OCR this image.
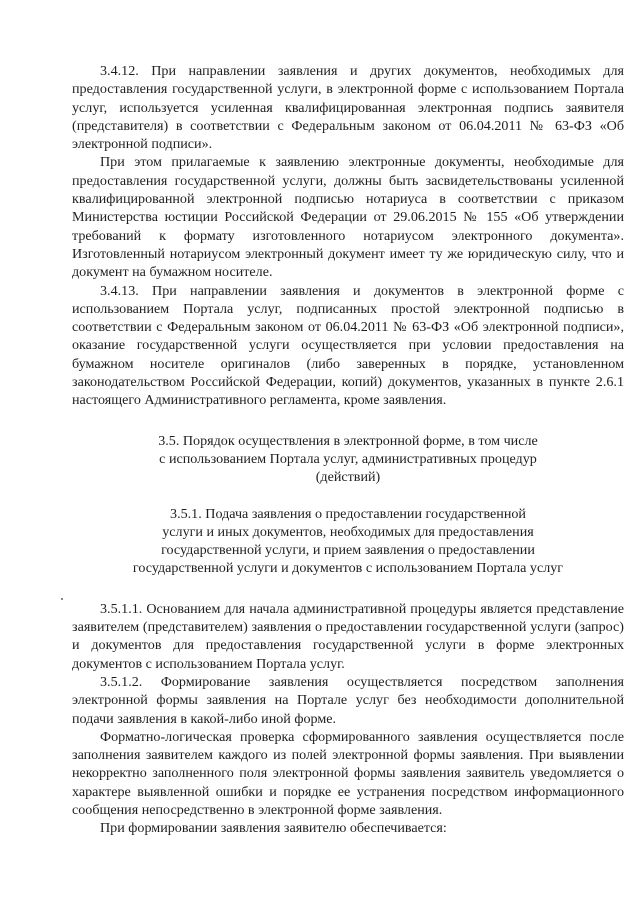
3.4.12. При направлении заявления и других документов, необходимых для предоставления государственной услуги, в электронной форме с использованием Портала услуг, используется усиленная квалифицированная электронная подпись заявителя (представителя) в соответствии с Федеральным законом от 06.04.2011 № 63-ФЗ «Об электронной подписи».

При этом прилагаемые к заявлению электронные документы, необходимые для предоставления государственной услуги, должны быть засвидетельствованы усиленной квалифицированной электронной подписью нотариуса в соответствии с приказом Министерства юстиции Российской Федерации от 29.06.2015 № 155 «Об утверждении требований к формату изготовленного нотариусом электронного документа». Изготовленный нотариусом электронный документ имеет ту же юридическую силу, что и документ на бумажном носителе.

3.4.13. При направлении заявления и документов в электронной форме с использованием Портала услуг, подписанных простой электронной подписью в соответствии с Федеральным законом от 06.04.2011 № 63-ФЗ «Об электронной подписи», оказание государственной услуги осуществляется при условии предоставления на бумажном носителе оригиналов (либо заверенных в порядке, установленном законодательством Российской Федерации, копий) документов, указанных в пункте 2.6.1 настоящего Административного регламента, кроме заявления.

3.5. Порядок осуществления в электронной форме, в том числе

с использованием Портала услуг, административных процедур

(действий)

3.5.1. Подача заявления о предоставлении государственной

услуги и иных документов, необходимых для предоставления

государственной услуги, и прием заявления о предоставлении

государственной услуги и документов с использованием Портала услуг

3.5.1.1. Основанием для начала административной процедуры является представление заявителем (представителем) заявления о предоставлении государственной услуги (запрос) и документов для предоставления государственной услуги в форме электронных документов с использованием Портала услуг.

3.5.1.2. Формирование заявления осуществляется посредством заполнения электронной формы заявления на Портале услуг без необходимости дополнительной подачи заявления в какой-либо иной форме.

Форматно-логическая проверка сформированного заявления осуществляется после заполнения заявителем каждого из полей электронной формы заявления. При выявлении некорректно заполненного поля электронной формы заявления заявитель уведомляется о характере выявленной ошибки и порядке ее устранения посредством информационного сообщения непосредственно в электронной форме заявления.

При формировании заявления заявителю обеспечивается:
